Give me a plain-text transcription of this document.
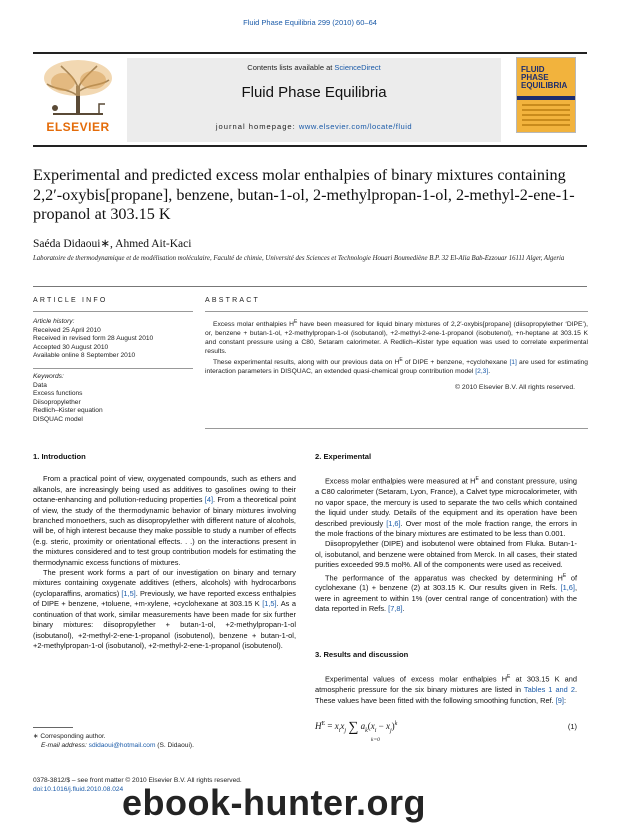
Fluid Phase Equilibria 299 (2010) 60–64
ELSEVIER
Contents lists available at ScienceDirect
Fluid Phase Equilibria
journal homepage: www.elsevier.com/locate/fluid
FLUID PHASE
EQUILIBRIA
Experimental and predicted excess molar enthalpies of binary mixtures containing 2,2′-oxybis[propane], benzene, butan-1-ol, 2-methylpropan-1-ol, 2-methyl-2-ene-1-propanol at 303.15 K
Saéda Didaoui∗, Ahmed Ait-Kaci
Laboratoire de thermodynamique et de modélisation moléculaire, Faculté de chimie, Université des Sciences et Technologie Houari Boumediène B.P. 32 El-Alia Bab-Ezzouar 16111 Alger, Algeria
ARTICLE INFO
Article history:
Received 25 April 2010
Received in revised form 28 August 2010
Accepted 30 August 2010
Available online 8 September 2010
Keywords:
Data
Excess functions
Diisopropylether
Redlich–Kister equation
DISQUAC model
ABSTRACT

Excess molar enthalpies $H^E$ have been measured for liquid binary mixtures of 2,2′-oxybis[propane] (diisopropylether ‘DIPE’), or, benzene + butan-1-ol, +2-methylpropan-1-ol (isobutanol), +2-methyl-2-ene-1-propanol (isobutenol), +n-heptane at 303.15 K and constant pressure using a C80, Setaram calorimeter. A Redlich–Kister type equation was used to correlate experimental results.

These experimental results, along with our previous data on $H^E$ of DIPE + benzene, +cyclohexane [1] are used for estimating interaction parameters in DISQUAC, an extended quasi-chemical group contribution model [2,3].

© 2010 Elsevier B.V. All rights reserved.
1. Introduction

From a practical point of view, oxygenated compounds, such as ethers and alkanols, are increasingly being used as additives to gasolines owing to their octane-enhancing and pollution-reducing properties [4]. From a theoretical point of view, the study of the thermodynamic behavior of binary mixtures involving branched monoethers, such as diisopropylether with different nature of alcohols, will be, of high interest because they make possible to study a number of effects (e.g. steric, proximity or orientational effects. . .) on the interactions present in the mixtures considered and to test group contribution models for estimating the thermodynamic excess functions of mixtures.

The present work forms a part of our investigation on binary and ternary mixtures containing oxygenate additives (ethers, alcohols) with hydrocarbons (cycloparaffins, aromatics) [1,5]. Previously, we have reported excess enthalpies of DIPE + benzene, +toluene, +m-xylene, +cyclohexane at 303.15 K [1,5]. As a continuation of that work, similar measurements have been made for six further binary mixtures: diisopropylether + butan-1-ol, +2-methylpropan-1-ol (isobutanol), +2-methyl-2-ene-1-propanol (isobutenol), benzene + butan-1-ol, +2-methylpropan-1-ol (isobutanol), +2-methyl-2-ene-1-propanol (isobutenol).

∗ Corresponding author.
E-mail address: sdidaoui@hotmail.com (S. Didaoui).
0378-3812/$ – see front matter © 2010 Elsevier B.V. All rights reserved.
doi:10.1016/j.fluid.2010.08.024
2. Experimental

Excess molar enthalpies were measured at $H^E$ and constant pressure, using a C80 calorimeter (Setaram, Lyon, France), a Calvet type microcalorimeter, with no vapor space, the mercury is used to separate the two cells which contained the liquid under study. Details of the equipment and its operation have been described previously [1,6]. Over most of the mole fraction range, the errors in the mole fractions of the binary mixtures are estimated to be less than 0.001.

Diisopropylether (DIPE) and isobutenol were obtained from Fluka. Butan-1-ol, isobutanol, and benzene were obtained from Merck. In all cases, their stated purities exceeded 99.5 mol%. All of the components were used as received.

The performance of the apparatus was checked by determining $H^E$ of cyclohexane (1) + benzene (2) at 303.15 K. Our results given in Refs. [1,6], were in agreement to within 1% (over central range of concentration) with the data reported in Refs. [7,8].

3. Results and discussion

Experimental values of excess molar enthalpies $H^E$ at 303.15 K and atmospheric pressure for the six binary mixtures are listed in Tables 1 and 2. These values have been fitted with the following smoothing function, Ref. [9]:

$H^E = x_ix_j$ ∑ $a_k(x_i - x_j)^k$
k=0
(1)
ebook-hunter.org
